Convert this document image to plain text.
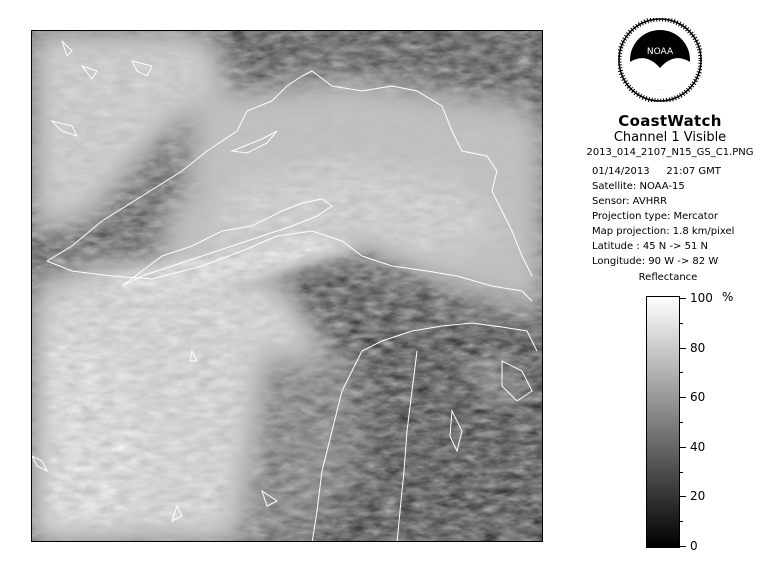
NOAA
CoastWatch
Channel 1 Visible
2013_014_2107_N15_GS_C1.PNG
01/14/2013 21:07 GMT
Satellite: NOAA-15
Sensor: AVHRR
Projection type: Mercator
Map projection: 1.8 km/pixel
Latitude : 45 N -> 51 N
Longitude: 90 W -> 82 W
Reflectance
%
100
80
60
40
20
0
